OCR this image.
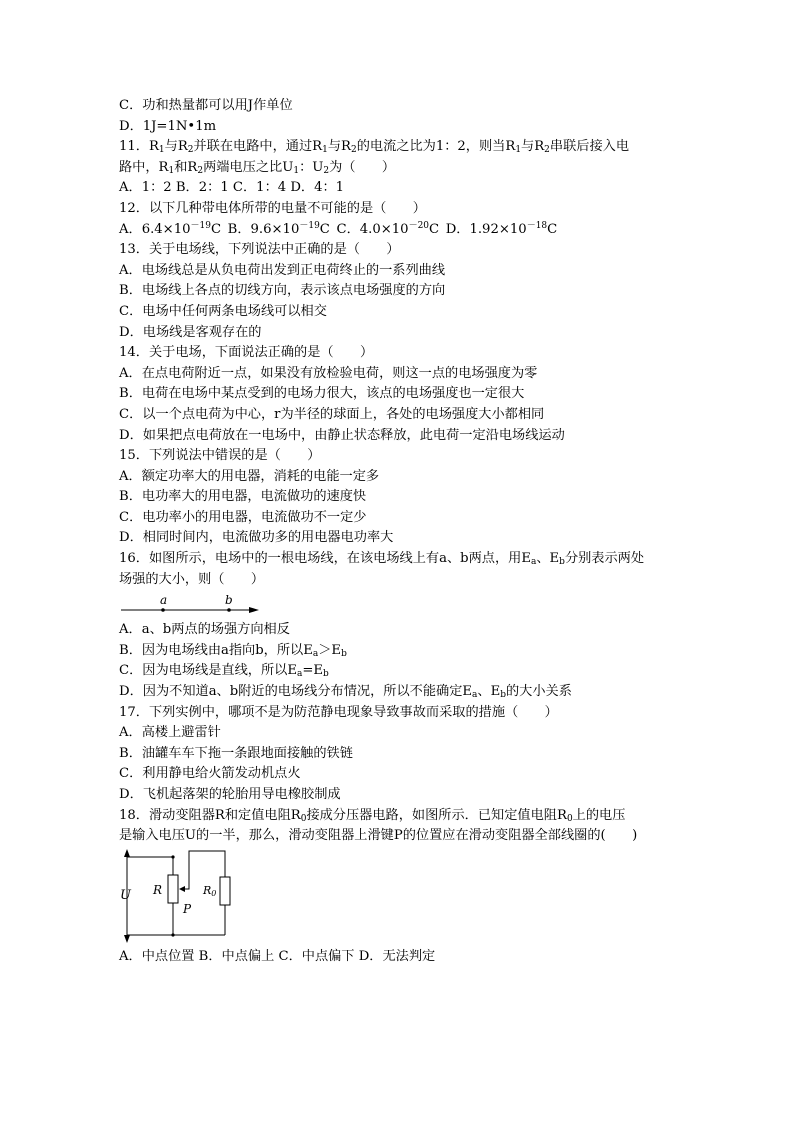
C．功和热量都可以用J作单位
D．1J=1N•1m
11．$R_1$与$R_2$并联在电路中，通过$R_1$与$R_2$的电流之比为1：2，则当$R_1$与$R_2$串联后接入电
路中，$R_1$和$R_2$两端电压之比$U_1$：$U_2$为（　　）
A．1：2 B．2：1 C．1：4 D．4：1
12．以下几种带电体所带的电量不可能的是（　　）
A．$6.4\times 10^{-19}C$  B．$9.6\times 10^{-19}C$  C．$4.0\times 10^{-20}C$  D．$1.92\times 10^{-18}C$
13．关于电场线，下列说法中正确的是（　　）
A．电场线总是从负电荷出发到正电荷终止的一系列曲线
B．电场线上各点的切线方向，表示该点电场强度的方向
C．电场中任何两条电场线可以相交
D．电场线是客观存在的
14．关于电场，下面说法正确的是（　　）
A．在点电荷附近一点，如果没有放检验电荷，则这一点的电场强度为零
B．电荷在电场中某点受到的电场力很大，该点的电场强度也一定很大
C．以一个点电荷为中心，r为半径的球面上，各处的电场强度大小都相同
D．如果把点电荷放在一电场中，由静止状态释放，此电荷一定沿电场线运动
15．下列说法中错误的是（　　）
A．额定功率大的用电器，消耗的电能一定多
B．电功率大的用电器，电流做功的速度快
C．电功率小的用电器，电流做功不一定少
D．相同时间内，电流做功多的用电器电功率大
16．如图所示，电场中的一根电场线，在该电场线上有a、b两点，用$E_a$、$E_b$分别表示两处
场强的大小，则（　　）
a	b
A．a、b两点的场强方向相反
B．因为电场线由a指向b，所以$E_a>E_b$
C．因为电场线是直线，所以$E_a=E_b$
D．因为不知道a、b附近的电场线分布情况，所以不能确定$E_a$、$E_b$的大小关系
17．下列实例中，哪项不是为防范静电现象导致事故而采取的措施（　　）
A．高楼上避雷针
B．油罐车车下拖一条跟地面接触的铁链
C．利用静电给火箭发动机点火
D．飞机起落架的轮胎用导电橡胶制成
18．滑动变阻器R和定值电阻$R_0$接成分压器电路，如图所示．已知定值电阻$R_0$上的电压
是输入电压U的一半，那么，滑动变阻器上滑键P的位置应在滑动变阻器全部线圈的(　　)
U R
P
R0
A．中点位置 B．中点偏上 C．中点偏下 D．无法判定
